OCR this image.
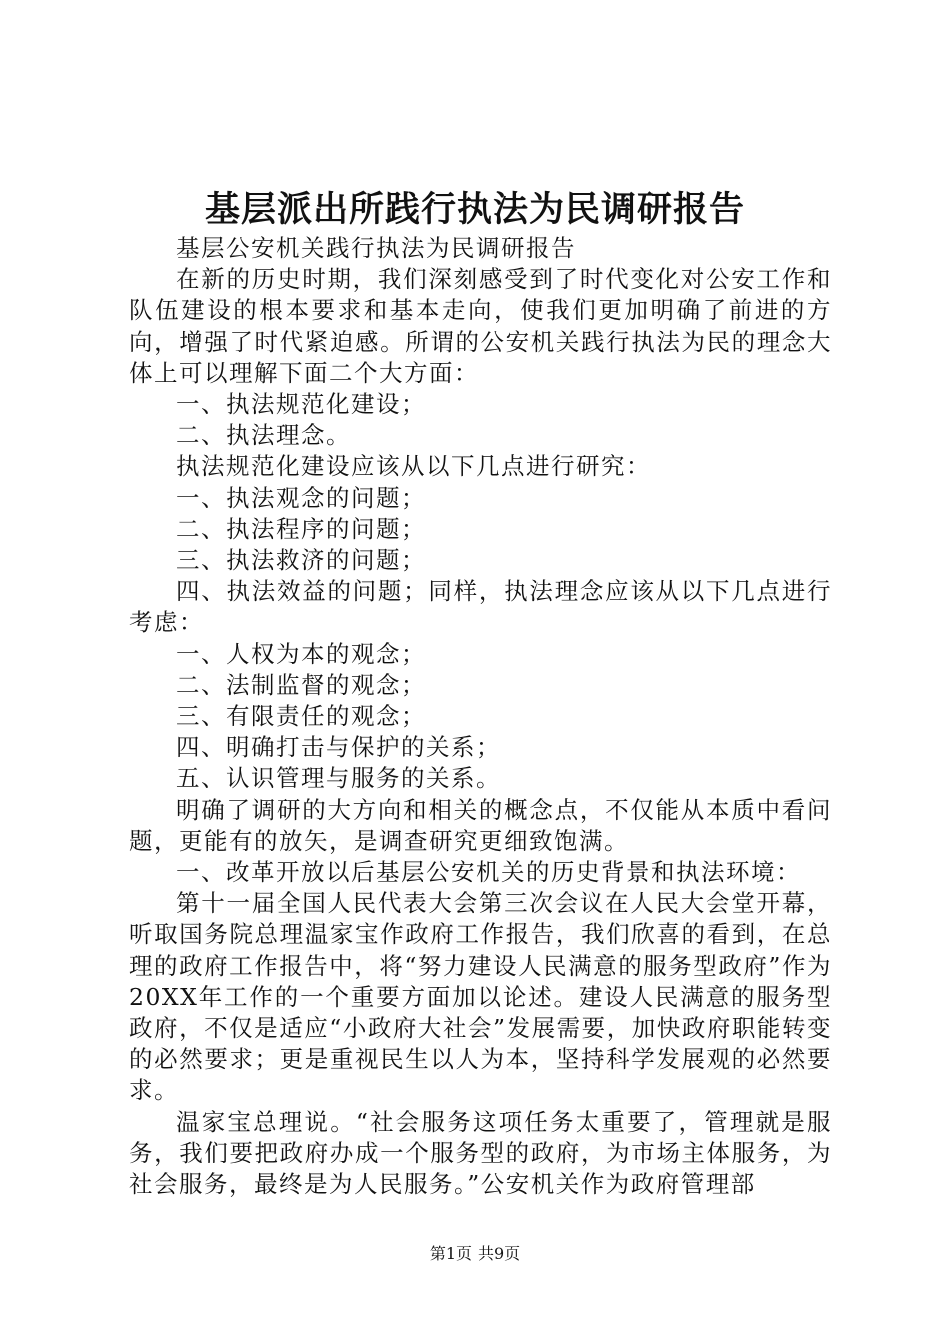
基层派出所践行执法为民调研报告

基层公安机关践行执法为民调研报告

在新的历史时期，我们深刻感受到了时代变化对公安工作和队伍建设的根本要求和基本走向，使我们更加明确了前进的方向，增强了时代紧迫感。所谓的公安机关践行执法为民的理念大体上可以理解下面二个大方面：

一、执法规范化建设；

二、执法理念。

执法规范化建设应该从以下几点进行研究：

一、执法观念的问题；

二、执法程序的问题；

三、执法救济的问题；

四、执法效益的问题；同样，执法理念应该从以下几点进行考虑：

一、人权为本的观念；

二、法制监督的观念；

三、有限责任的观念；

四、明确打击与保护的关系；

五、认识管理与服务的关系。

明确了调研的大方向和相关的概念点，不仅能从本质中看问题，更能有的放矢，是调查研究更细致饱满。

一、改革开放以后基层公安机关的历史背景和执法环境：

第十一届全国人民代表大会第三次会议在人民大会堂开幕，听取国务院总理温家宝作政府工作报告，我们欣喜的看到，在总理的政府工作报告中，将“努力建设人民满意的服务型政府”作为20XX年工作的一个重要方面加以论述。建设人民满意的服务型政府，不仅是适应“小政府大社会”发展需要，加快政府职能转变的必然要求；更是重视民生以人为本，坚持科学发展观的必然要求。

温家宝总理说。“社会服务这项任务太重要了，管理就是服务，我们要把政府办成一个服务型的政府，为市场主体服务，为社会服务，最终是为人民服务。”公安机关作为政府管理部

第1页 共9页
